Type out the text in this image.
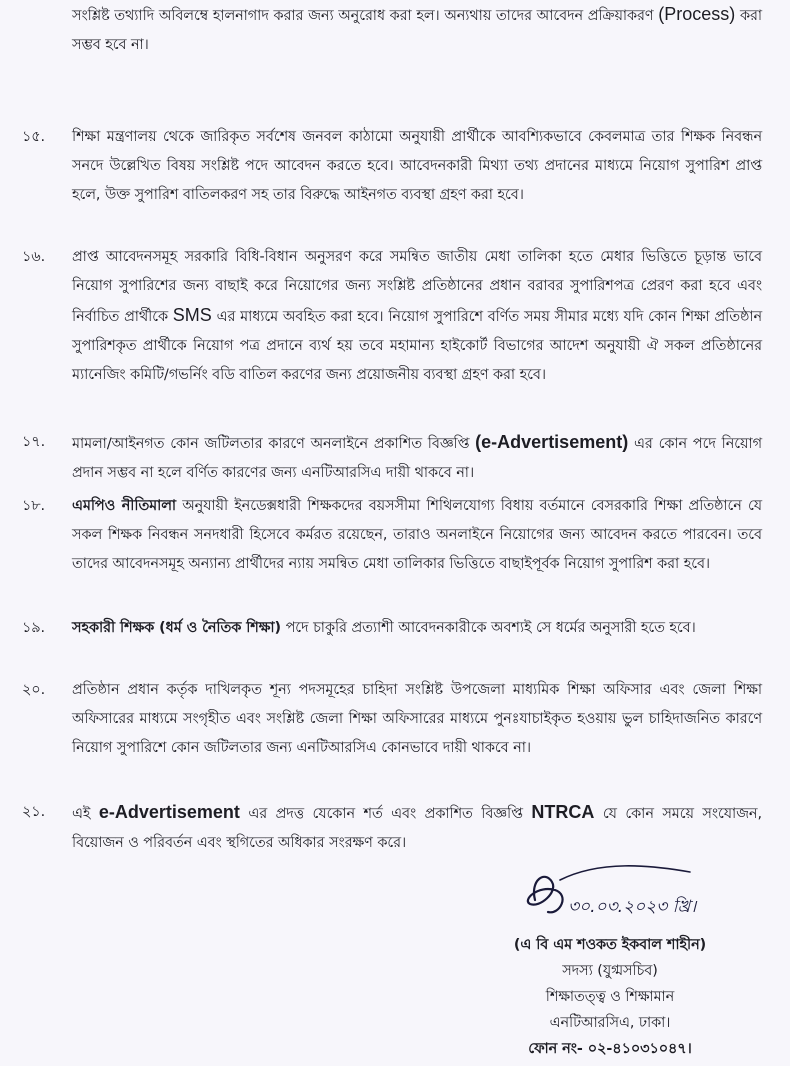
সংশ্লিষ্ট তথ্যাদি অবিলম্বে হালনাগাদ করার জন্য অনুরোধ করা হল। অন্যথায় তাদের আবেদন প্রক্রিয়াকরণ (Process) করা সম্ভব হবে না।
১৫.	শিক্ষা মন্ত্রণালয় থেকে জারিকৃত সর্বশেষ জনবল কাঠামো অনুযায়ী প্রার্থীকে আবশ্যিকভাবে কেবলমাত্র তার শিক্ষক নিবন্ধন সনদে উল্লেখিত বিষয় সংশ্লিষ্ট পদে আবেদন করতে হবে। আবেদনকারী মিথ্যা তথ্য প্রদানের মাধ্যমে নিয়োগ সুপারিশ প্রাপ্ত হলে, উক্ত সুপারিশ বাতিলকরণ সহ তার বিরুদ্ধে আইনগত ব্যবস্থা গ্রহণ করা হবে।
১৬.	প্রাপ্ত আবেদনসমূহ সরকারি বিধি-বিধান অনুসরণ করে সমন্বিত জাতীয় মেধা তালিকা হতে মেধার ভিত্তিতে চূড়ান্ত ভাবে নিয়োগ সুপারিশের জন্য বাছাই করে নিয়োগের জন্য সংশ্লিষ্ট প্রতিষ্ঠানের প্রধান বরাবর সুপারিশপত্র প্রেরণ করা হবে এবং নির্বাচিত প্রার্থীকে SMS এর মাধ্যমে অবহিত করা হবে। নিয়োগ সুপারিশে বর্ণিত সময় সীমার মধ্যে যদি কোন শিক্ষা প্রতিষ্ঠান সুপারিশকৃত প্রার্থীকে নিয়োগ পত্র প্রদানে ব্যর্থ হয় তবে মহামান্য হাইকোর্ট বিভাগের আদেশ অনুযায়ী ঐ সকল প্রতিষ্ঠানের ম্যানেজিং কমিটি/গভর্নিং বডি বাতিল করণের জন্য প্রয়োজনীয় ব্যবস্থা গ্রহণ করা হবে।
১৭.	মামলা/আইনগত কোন জটিলতার কারণে অনলাইনে প্রকাশিত বিজ্ঞপ্তি (e-Advertisement) এর কোন পদে নিয়োগ প্রদান সম্ভব না হলে বর্ণিত কারণের জন্য এনটিআরসিএ দায়ী থাকবে না।
১৮.	এমপিও নীতিমালা অনুযায়ী ইনডেক্সধারী শিক্ষকদের বয়সসীমা শিথিলযোগ্য বিধায় বর্তমানে বেসরকারি শিক্ষা প্রতিষ্ঠানে যে সকল শিক্ষক নিবন্ধন সনদধারী হিসেবে কর্মরত রয়েছেন, তারাও অনলাইনে নিয়োগের জন্য আবেদন করতে পারবেন। তবে তাদের আবেদনসমূহ অন্যান্য প্রার্থীদের ন্যায় সমন্বিত মেধা তালিকার ভিত্তিতে বাছাইপূর্বক নিয়োগ সুপারিশ করা হবে।
১৯.	সহকারী শিক্ষক (ধর্ম ও নৈতিক শিক্ষা) পদে চাকুরি প্রত্যাশী আবেদনকারীকে অবশ্যই সে ধর্মের অনুসারী হতে হবে।
২০.	প্রতিষ্ঠান প্রধান কর্তৃক দাখিলকৃত শূন্য পদসমূহের চাহিদা সংশ্লিষ্ট উপজেলা মাধ্যমিক শিক্ষা অফিসার এবং জেলা শিক্ষা অফিসারের মাধ্যমে সংগৃহীত এবং সংশ্লিষ্ট জেলা শিক্ষা অফিসারের মাধ্যমে পুনঃযাচাইকৃত হওয়ায় ভুল চাহিদাজনিত কারণে নিয়োগ সুপারিশে কোন জটিলতার জন্য এনটিআরসিএ কোনভাবে দায়ী থাকবে না।
২১.	এই e-Advertisement এর প্রদত্ত যেকোন শর্ত এবং প্রকাশিত বিজ্ঞপ্তি NTRCA যে কোন সময়ে সংযোজন, বিয়োজন ও পরিবর্তন এবং স্থগিতের অধিকার সংরক্ষণ করে।
৩০.০৩.২০২৩ খ্রি।
(এ বি এম শওকত ইকবাল শাহীন)
সদস্য (যুগ্মসচিব)
শিক্ষাতত্ত্ব ও শিক্ষামান
এনটিআরসিএ, ঢাকা।
ফোন নং- ০২-৪১০৩১০৪৭।
